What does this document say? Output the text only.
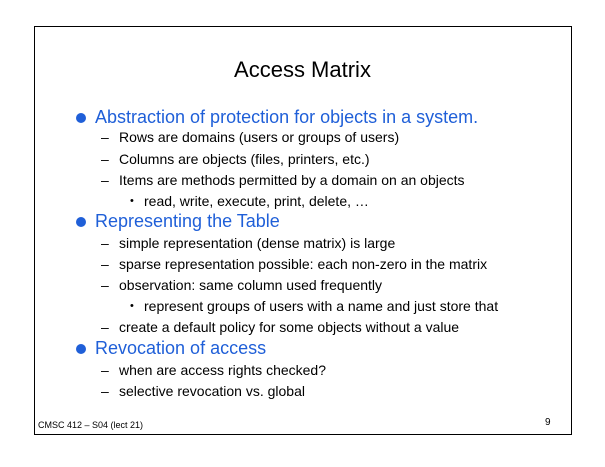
Access Matrix
Abstraction of protection for objects in a system.
– Rows are domains (users or groups of users)
– Columns are objects (files, printers, etc.)
– Items are methods permitted by a domain on an objects
• read, write, execute, print, delete, …
Representing the Table
– simple representation (dense matrix) is large
– sparse representation possible: each non-zero in the matrix
– observation: same column used frequently
• represent groups of users with a name and just store that
– create a default policy for some objects without a value
Revocation of access
– when are access rights checked?
– selective revocation vs. global
CMSC 412 – S04 (lect 21)	9
